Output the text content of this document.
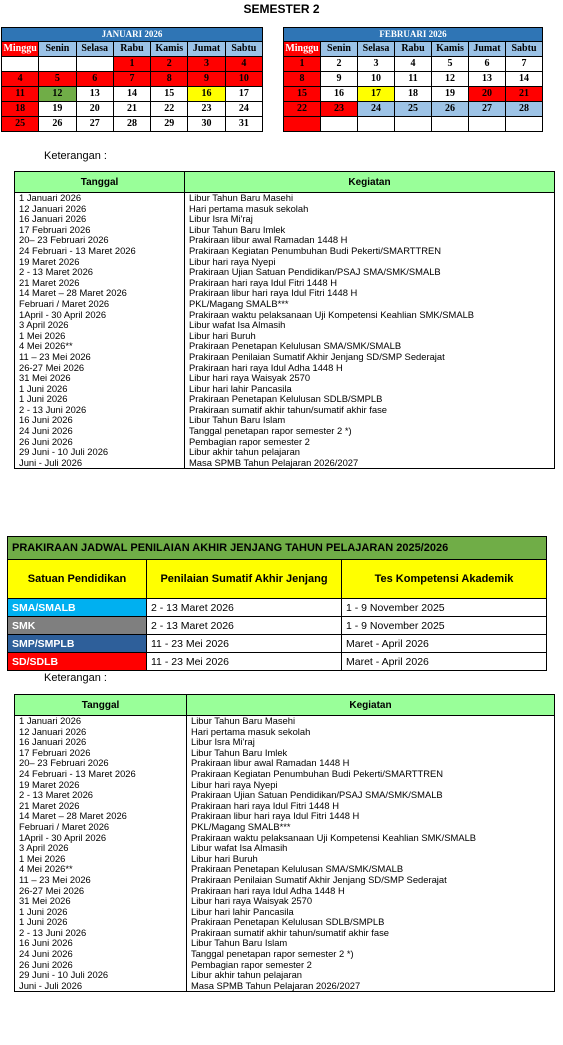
SEMESTER 2
JANUARI 2026						
Minggu	Senin	Selasa	Rabu	Kamis	Jumat	Sabtu
			1	2	3	4
4	5	6	7	8	9	10
11	12	13	14	15	16	17
18	19	20	21	22	23	24
25	26	27	28	29	30	31
FEBRUARI 2026						
Minggu	Senin	Selasa	Rabu	Kamis	Jumat	Sabtu
1	2	3	4	5	6	7
8	9	10	11	12	13	14
15	16	17	18	19	20	21
22	23	24	25	26	27	28

Keterangan :
Tanggal	Kegiatan
1 Januari 2026	Libur Tahun Baru Masehi
12 Januari 2026	Hari pertama masuk sekolah
16 Januari 2026	Libur Isra Mi'raj
17 Februari 2026	Libur Tahun Baru Imlek
20– 23 Februari 2026	Prakiraan libur awal Ramadan 1448 H
24 Februari - 13 Maret 2026	Prakiraan Kegiatan Penumbuhan Budi Pekerti/SMARTTREN
19 Maret 2026	Libur hari raya Nyepi
2 - 13 Maret 2026	Prakiraan Ujian Satuan Pendidikan/PSAJ SMA/SMK/SMALB
21 Maret 2026	Prakiraan hari raya Idul Fitri 1448 H
14 Maret – 28 Maret 2026	Prakiraan libur hari raya Idul Fitri 1448 H
Februari / Maret 2026	PKL/Magang SMALB***
1April - 30 April 2026	Prakiraan waktu pelaksanaan Uji Kompetensi Keahlian SMK/SMALB
3 April 2026	Libur wafat Isa Almasih
1 Mei 2026	Libur hari Buruh
4 Mei 2026**	Prakiraan Penetapan Kelulusan SMA/SMK/SMALB
11 – 23 Mei 2026	Prakiraan Penilaian Sumatif Akhir Jenjang SD/SMP Sederajat
26-27 Mei 2026	Prakiraan hari raya Idul Adha 1448 H
31 Mei 2026	Libur hari raya Waisyak 2570
1 Juni 2026	Libur hari lahir Pancasila
1 Juni 2026	Prakiraan Penetapan Kelulusan SDLB/SMPLB
2 - 13 Juni 2026	Prakiraan sumatif akhir tahun/sumatif akhir fase
16 Juni 2026	Libur Tahun Baru Islam
24 Juni 2026	Tanggal penetapan rapor semester 2 *)
26 Juni 2026	Pembagian rapor semester 2
29 Juni - 10 Juli 2026	Libur akhir tahun pelajaran
Juni - Juli 2026	Masa SPMB Tahun Pelajaran 2026/2027
PRAKIRAAN JADWAL PENILAIAN AKHIR JENJANG TAHUN PELAJARAN 2025/2026		
Satuan Pendidikan	Penilaian Sumatif Akhir Jenjang	Tes Kompetensi Akademik
SMA/SMALB	2 - 13 Maret 2026	1 - 9 November 2025
SMK	2 - 13 Maret 2026	1 - 9 November 2025
SMP/SMPLB	11 - 23 Mei 2026	Maret - April 2026
SD/SDLB	11 - 23 Mei 2026	Maret - April 2026
Keterangan :
Tanggal	Kegiatan
1 Januari 2026	Libur Tahun Baru Masehi
12 Januari 2026	Hari pertama masuk sekolah
16 Januari 2026	Libur Isra Mi'raj
17 Februari 2026	Libur Tahun Baru Imlek
20– 23 Februari 2026	Prakiraan libur awal Ramadan 1448 H
24 Februari - 13 Maret 2026	Prakiraan Kegiatan Penumbuhan Budi Pekerti/SMARTTREN
19 Maret 2026	Libur hari raya Nyepi
2 - 13 Maret 2026	Prakiraan Ujian Satuan Pendidikan/PSAJ SMA/SMK/SMALB
21 Maret 2026	Prakiraan hari raya Idul Fitri 1448 H
14 Maret – 28 Maret 2026	Prakiraan libur hari raya Idul Fitri 1448 H
Februari / Maret 2026	PKL/Magang SMALB***
1April - 30 April 2026	Prakiraan waktu pelaksanaan Uji Kompetensi Keahlian SMK/SMALB
3 April 2026	Libur wafat Isa Almasih
1 Mei 2026	Libur hari Buruh
4 Mei 2026**	Prakiraan Penetapan Kelulusan SMA/SMK/SMALB
11 – 23 Mei 2026	Prakiraan Penilaian Sumatif Akhir Jenjang SD/SMP Sederajat
26-27 Mei 2026	Prakiraan hari raya Idul Adha 1448 H
31 Mei 2026	Libur hari raya Waisyak 2570
1 Juni 2026	Libur hari lahir Pancasila
1 Juni 2026	Prakiraan Penetapan Kelulusan SDLB/SMPLB
2 - 13 Juni 2026	Prakiraan sumatif akhir tahun/sumatif akhir fase
16 Juni 2026	Libur Tahun Baru Islam
24 Juni 2026	Tanggal penetapan rapor semester 2 *)
26 Juni 2026	Pembagian rapor semester 2
29 Juni - 10 Juli 2026	Libur akhir tahun pelajaran
Juni - Juli 2026	Masa SPMB Tahun Pelajaran 2026/2027
